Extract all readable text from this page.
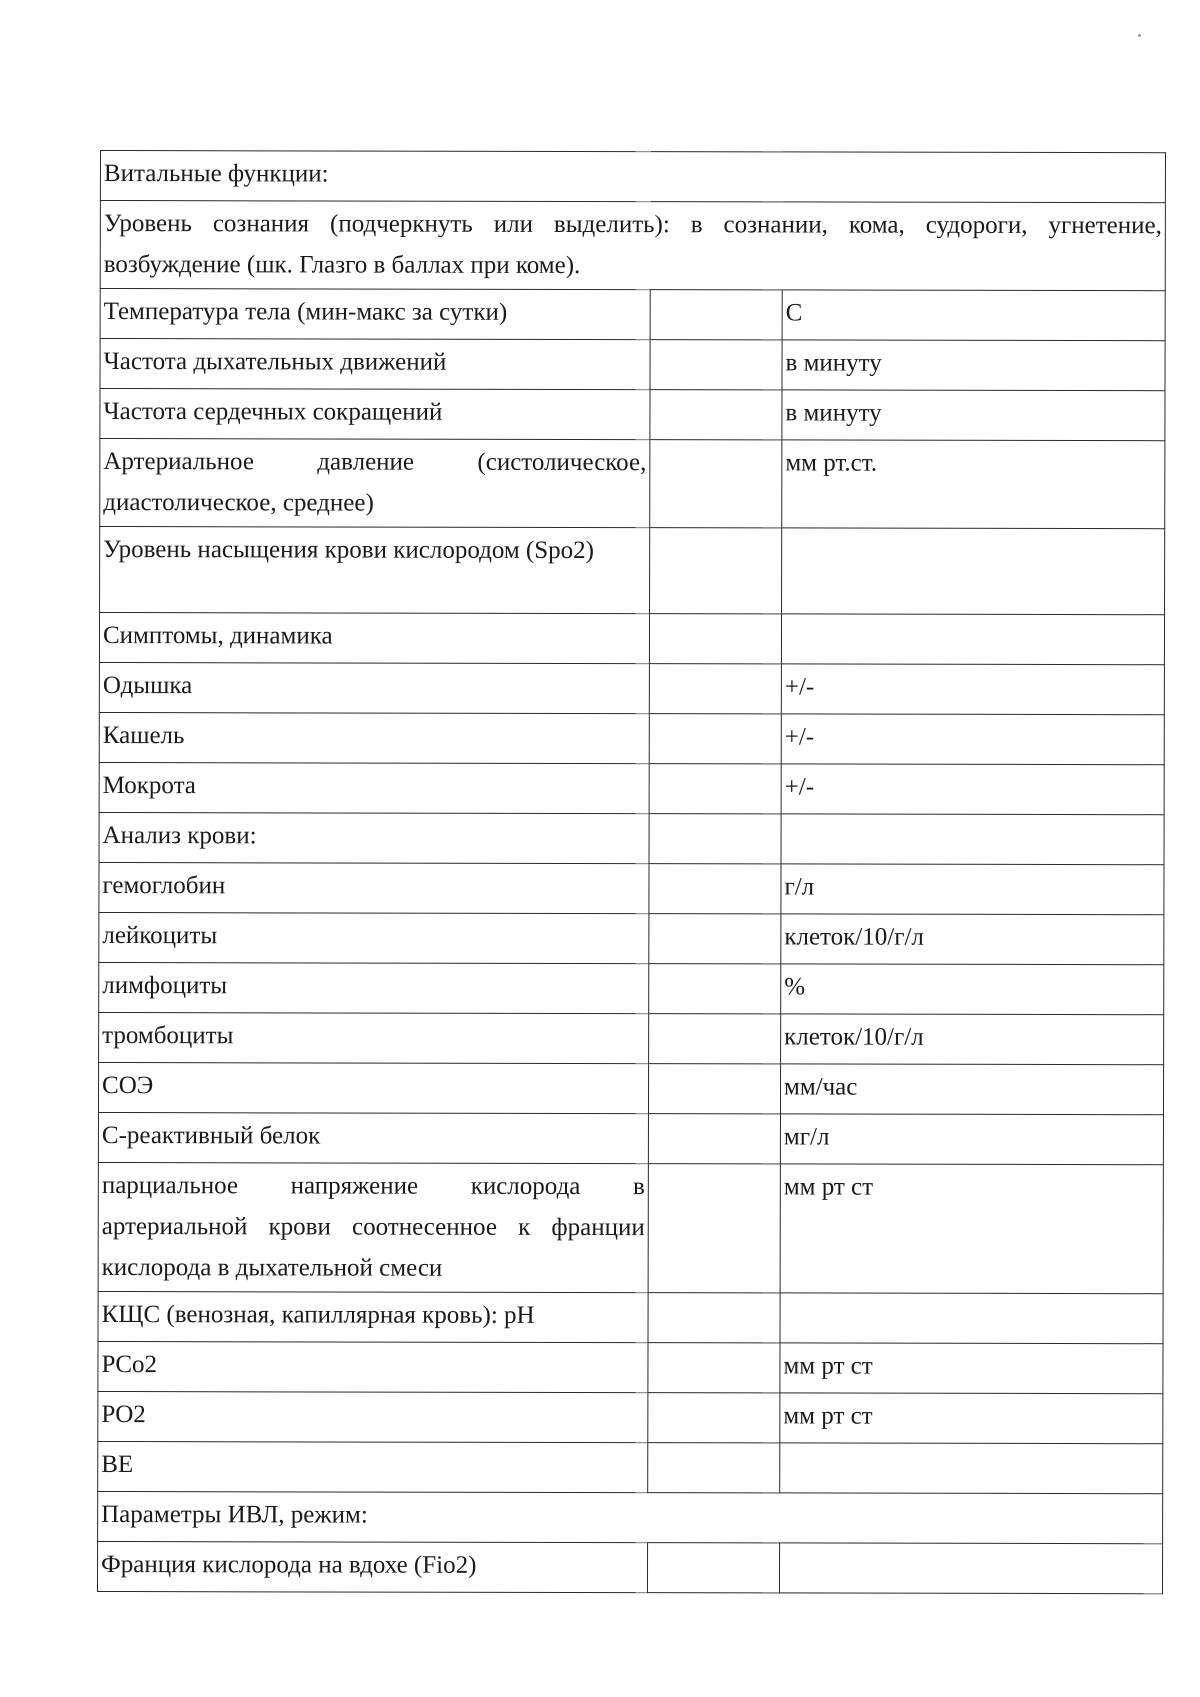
Витальные функции:		
Уровень сознания (подчеркнуть или выделить): в сознании, кома, судороги, угнетение, возбуждение (шк. Глазго в баллах при коме).		
Температура тела (мин-макс за сутки)		С
Частота дыхательных движений		в минуту
Частота сердечных сокращений		в минуту
Артериальное давление (систолическое, диастолическое, среднее)		мм рт.ст.
Уровень насыщения крови кислородом (Spo2)		
Симптомы, динамика		
Одышка		+/-
Кашель		+/-
Мокрота		+/-
Анализ крови:		
гемоглобин		г/л
лейкоциты		клеток/10/г/л
лимфоциты		%
тромбоциты		клеток/10/г/л
СОЭ		мм/час
С-реактивный белок		мг/л
парциальное напряжение кислорода в артериальной крови соотнесенное к франции кислорода в дыхательной смеси		мм рт ст
КЩС (венозная, капиллярная кровь): pH		
PCo2		мм рт ст
PO2		мм рт ст
BE		
Параметры ИВЛ, режим:		
Франция кислорода на вдохе (Fio2)		
